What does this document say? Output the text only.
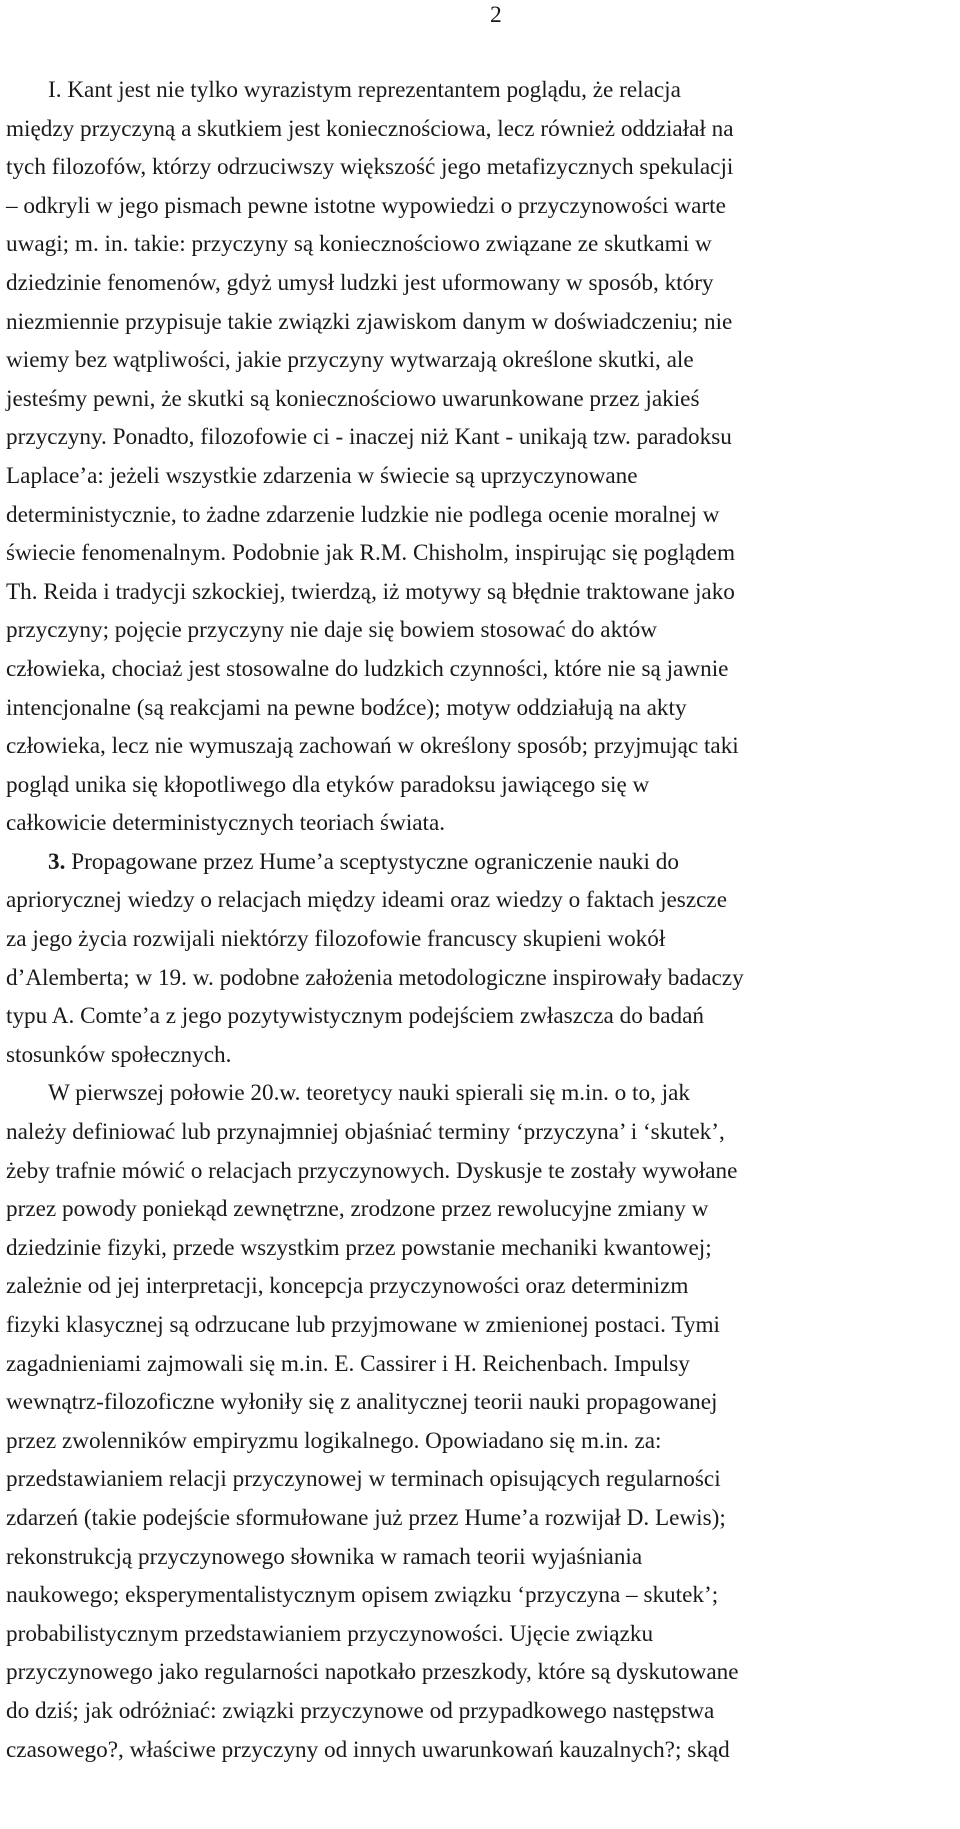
2
I. Kant jest nie tylko wyrazistym reprezentantem poglądu, że relacja
między przyczyną a skutkiem jest koniecznościowa, lecz również oddziałał na
tych filozofów, którzy odrzuciwszy większość jego metafizycznych spekulacji
– odkryli w jego pismach pewne istotne wypowiedzi o przyczynowości warte
uwagi; m. in. takie: przyczyny są koniecznościowo związane ze skutkami w
dziedzinie fenomenów, gdyż umysł ludzki jest uformowany w sposób, który
niezmiennie przypisuje takie związki zjawiskom danym w doświadczeniu; nie
wiemy bez wątpliwości, jakie przyczyny wytwarzają określone skutki, ale
jesteśmy pewni, że skutki są koniecznościowo uwarunkowane przez jakieś
przyczyny. Ponadto, filozofowie ci - inaczej niż Kant - unikają tzw. paradoksu
Laplace’a: jeżeli wszystkie zdarzenia w świecie są uprzyczynowane
deterministycznie, to żadne zdarzenie ludzkie nie podlega ocenie moralnej w
świecie fenomenalnym. Podobnie jak R.M. Chisholm, inspirując się poglądem
Th. Reida i tradycji szkockiej, twierdzą, iż motywy są błędnie traktowane jako
przyczyny; pojęcie przyczyny nie daje się bowiem stosować do aktów
człowieka, chociaż jest stosowalne do ludzkich czynności, które nie są jawnie
intencjonalne (są reakcjami na pewne bodźce); motyw oddziałują na akty
człowieka, lecz nie wymuszają zachowań w określony sposób; przyjmując taki
pogląd unika się kłopotliwego dla etyków paradoksu jawiącego się w
całkowicie deterministycznych teoriach świata.
3. Propagowane przez Hume’a sceptystyczne ograniczenie nauki do
apriorycznej wiedzy o relacjach między ideami oraz wiedzy o faktach jeszcze
za jego życia rozwijali niektórzy filozofowie francuscy skupieni wokół
d’Alemberta; w 19. w. podobne założenia metodologiczne inspirowały badaczy
typu A. Comte’a z jego pozytywistycznym podejściem zwłaszcza do badań
stosunków społecznych.
W pierwszej połowie 20.w. teoretycy nauki spierali się m.in. o to, jak
należy definiować lub przynajmniej objaśniać terminy ‘przyczyna’ i ‘skutek’,
żeby trafnie mówić o relacjach przyczynowych. Dyskusje te zostały wywołane
przez powody poniekąd zewnętrzne, zrodzone przez rewolucyjne zmiany w
dziedzinie fizyki, przede wszystkim przez powstanie mechaniki kwantowej;
zależnie od jej interpretacji, koncepcja przyczynowości oraz determinizm
fizyki klasycznej są odrzucane lub przyjmowane w zmienionej postaci. Tymi
zagadnieniami zajmowali się m.in. E. Cassirer i H. Reichenbach. Impulsy
wewnątrz-filozoficzne wyłoniły się z analitycznej teorii nauki propagowanej
przez zwolenników empiryzmu logikalnego. Opowiadano się m.in. za:
przedstawianiem relacji przyczynowej w terminach opisujących regularności
zdarzeń (takie podejście sformułowane już przez Hume’a rozwijał D. Lewis);
rekonstrukcją przyczynowego słownika w ramach teorii wyjaśniania
naukowego; eksperymentalistycznym opisem związku ‘przyczyna – skutek’;
probabilistycznym przedstawianiem przyczynowości. Ujęcie związku
przyczynowego jako regularności napotkało przeszkody, które są dyskutowane
do dziś; jak odróżniać: związki przyczynowe od przypadkowego następstwa
czasowego?, właściwe przyczyny od innych uwarunkowań kauzalnych?; skąd
